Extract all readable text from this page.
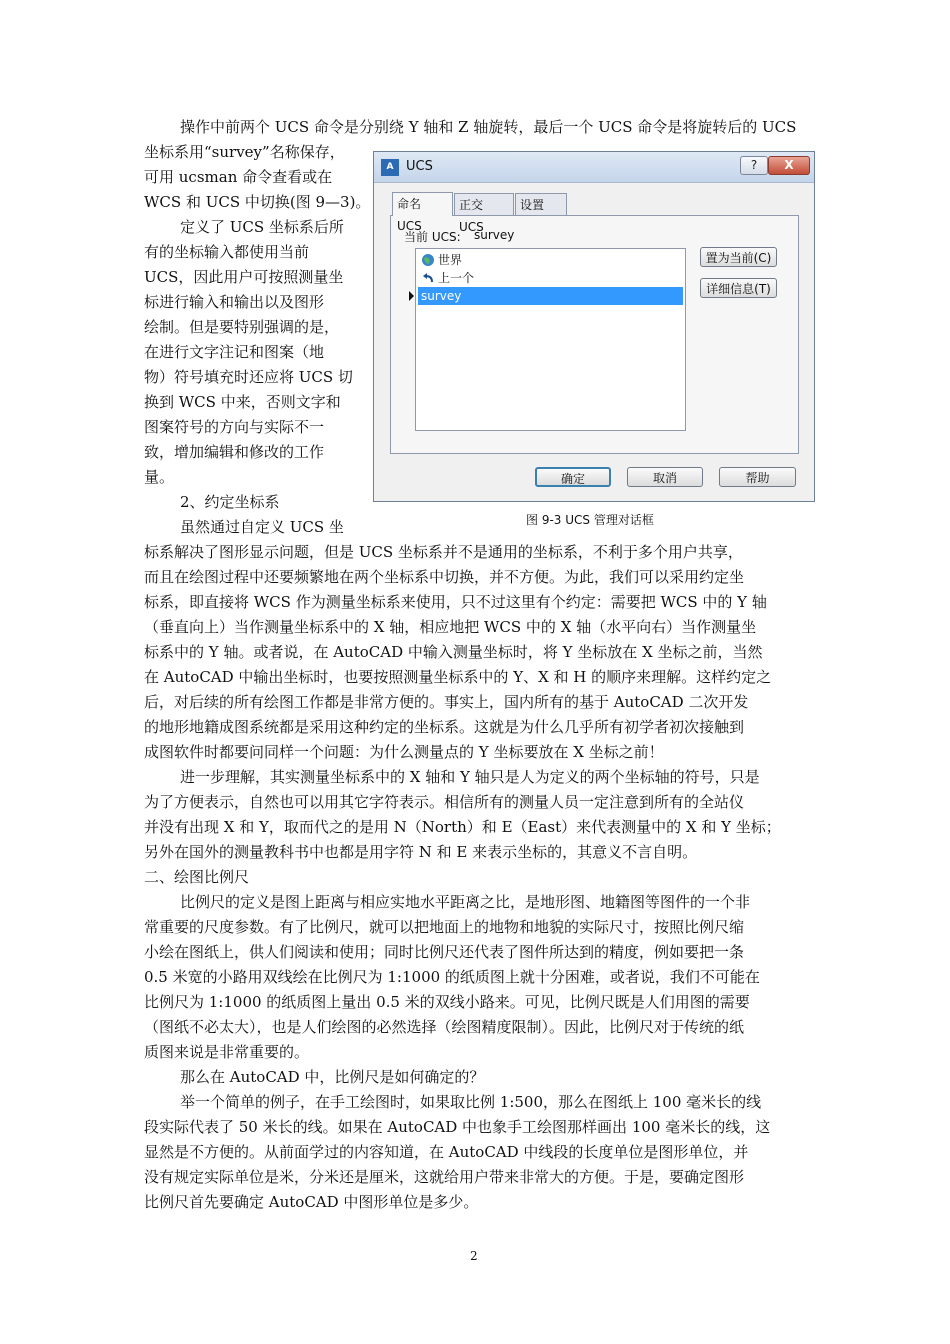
操作中前两个 UCS 命令是分别绕 Y 轴和 Z 轴旋转，最后一个 UCS 命令是将旋转后的 UCS
坐标系用“survey”名称保存，
可用 ucsman 命令查看或在
WCS 和 UCS 中切换(图 9—3)。
定义了 UCS 坐标系后所
有的坐标输入都使用当前
UCS，因此用户可按照测量坐
标进行输入和输出以及图形
绘制。但是要特别强调的是，
在进行文字注记和图案（地
物）符号填充时还应将 UCS 切
换到 WCS 中来，否则文字和
图案符号的方向与实际不一
致，增加编辑和修改的工作
量。
2、约定坐标系
虽然通过自定义 UCS 坐
标系解决了图形显示问题，但是 UCS 坐标系并不是通用的坐标系，不利于多个用户共享，
而且在绘图过程中还要频繁地在两个坐标系中切换，并不方便。为此，我们可以采用约定坐
标系，即直接将 WCS 作为测量坐标系来使用，只不过这里有个约定：需要把 WCS 中的 Y 轴
（垂直向上）当作测量坐标系中的 X 轴，相应地把 WCS 中的 X 轴（水平向右）当作测量坐
标系中的 Y 轴。或者说，在 AutoCAD 中输入测量坐标时，将 Y 坐标放在 X 坐标之前，当然
在 AutoCAD 中输出坐标时，也要按照测量坐标系中的 Y、X 和 H 的顺序来理解。这样约定之
后，对后续的所有绘图工作都是非常方便的。事实上，国内所有的基于 AutoCAD 二次开发
的地形地籍成图系统都是采用这种约定的坐标系。这就是为什么几乎所有初学者初次接触到
成图软件时都要问同样一个问题：为什么测量点的 Y 坐标要放在 X 坐标之前！
进一步理解，其实测量坐标系中的 X 轴和 Y 轴只是人为定义的两个坐标轴的符号，只是
为了方便表示，自然也可以用其它字符表示。相信所有的测量人员一定注意到所有的全站仪
并没有出现 X 和 Y，取而代之的是用 N（North）和 E（East）来代表测量中的 X 和 Y 坐标；
另外在国外的测量教科书中也都是用字符 N 和 E 来表示坐标的，其意义不言自明。
二、绘图比例尺
比例尺的定义是图上距离与相应实地水平距离之比，是地形图、地籍图等图件的一个非
常重要的尺度参数。有了比例尺，就可以把地面上的地物和地貌的实际尺寸，按照比例尺缩
小绘在图纸上，供人们阅读和使用；同时比例尺还代表了图件所达到的精度，例如要把一条
0.5 米宽的小路用双线绘在比例尺为 1:1000 的纸质图上就十分困难，或者说，我们不可能在
比例尺为 1:1000 的纸质图上量出 0.5 米的双线小路来。可见，比例尺既是人们用图的需要
（图纸不必太大），也是人们绘图的必然选择（绘图精度限制）。因此，比例尺对于传统的纸
质图来说是非常重要的。
那么在 AutoCAD 中，比例尺是如何确定的？
举一个简单的例子，在手工绘图时，如果取比例 1:500，那么在图纸上 100 毫米长的线
段实际代表了 50 米长的线。如果在 AutoCAD 中也象手工绘图那样画出 100 毫米长的线，这
显然是不方便的。从前面学过的内容知道，在 AutoCAD 中线段的长度单位是图形单位，并
没有规定实际单位是米，分米还是厘米，这就给用户带来非常大的方便。于是，要确定图形
比例尺首先要确定 AutoCAD 中图形单位是多少。
A UCS	?	X
命名 UCS
正交 UCS
设置
当前 UCS: survey
世界
上一个
survey
置为当前(C)
详细信息(T)
确定	取消	帮助
图 9-3 UCS 管理对话框
2
